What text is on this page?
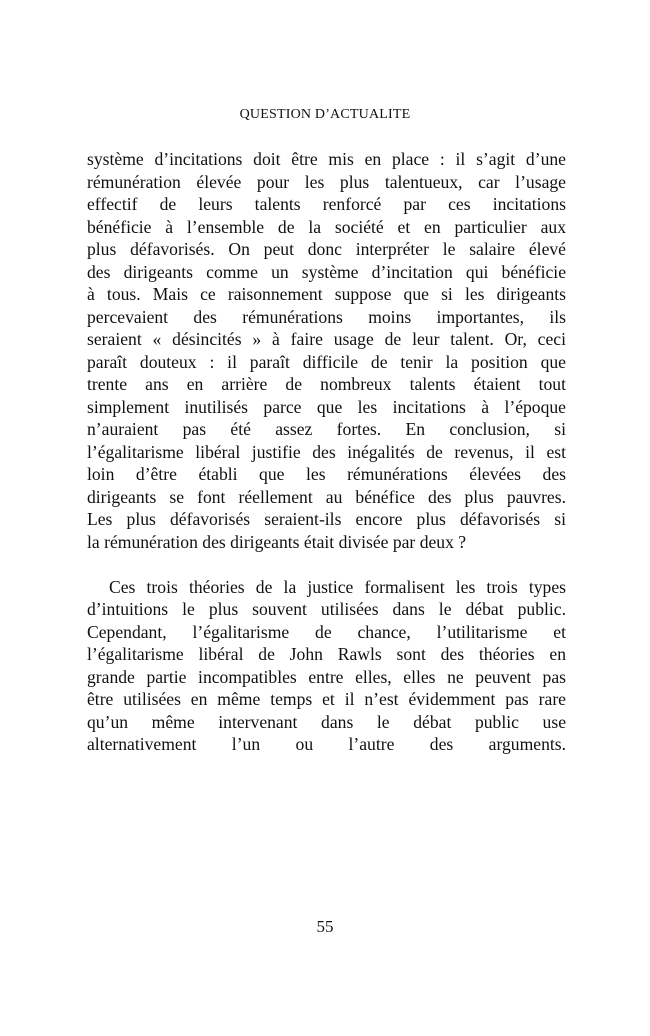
QUESTION D’ACTUALITE
système d’incitations doit être mis en place : il s’agit d’une
rémunération élevée pour les plus talentueux, car l’usage
effectif de leurs talents renforcé par ces incitations
bénéficie à l’ensemble de la société et en particulier aux
plus défavorisés. On peut donc interpréter le salaire élevé
des dirigeants comme un système d’incitation qui bénéficie
à tous. Mais ce raisonnement suppose que si les dirigeants
percevaient des rémunérations moins importantes, ils
seraient « désincités » à faire usage de leur talent. Or, ceci
paraît douteux : il paraît difficile de tenir la position que
trente ans en arrière de nombreux talents étaient tout
simplement inutilisés parce que les incitations à l’époque
n’auraient pas été assez fortes. En conclusion, si
l’égalitarisme libéral justifie des inégalités de revenus, il est
loin d’être établi que les rémunérations élevées des
dirigeants se font réellement au bénéfice des plus pauvres.
Les plus défavorisés seraient-ils encore plus défavorisés si
la rémunération des dirigeants était divisée par deux ?
Ces trois théories de la justice formalisent les trois types
d’intuitions le plus souvent utilisées dans le débat public.
Cependant, l’égalitarisme de chance, l’utilitarisme et
l’égalitarisme libéral de John Rawls sont des théories en
grande partie incompatibles entre elles, elles ne peuvent pas
être utilisées en même temps et il n’est évidemment pas rare
qu’un même intervenant dans le débat public use
alternativement l’un ou l’autre des arguments.
55
